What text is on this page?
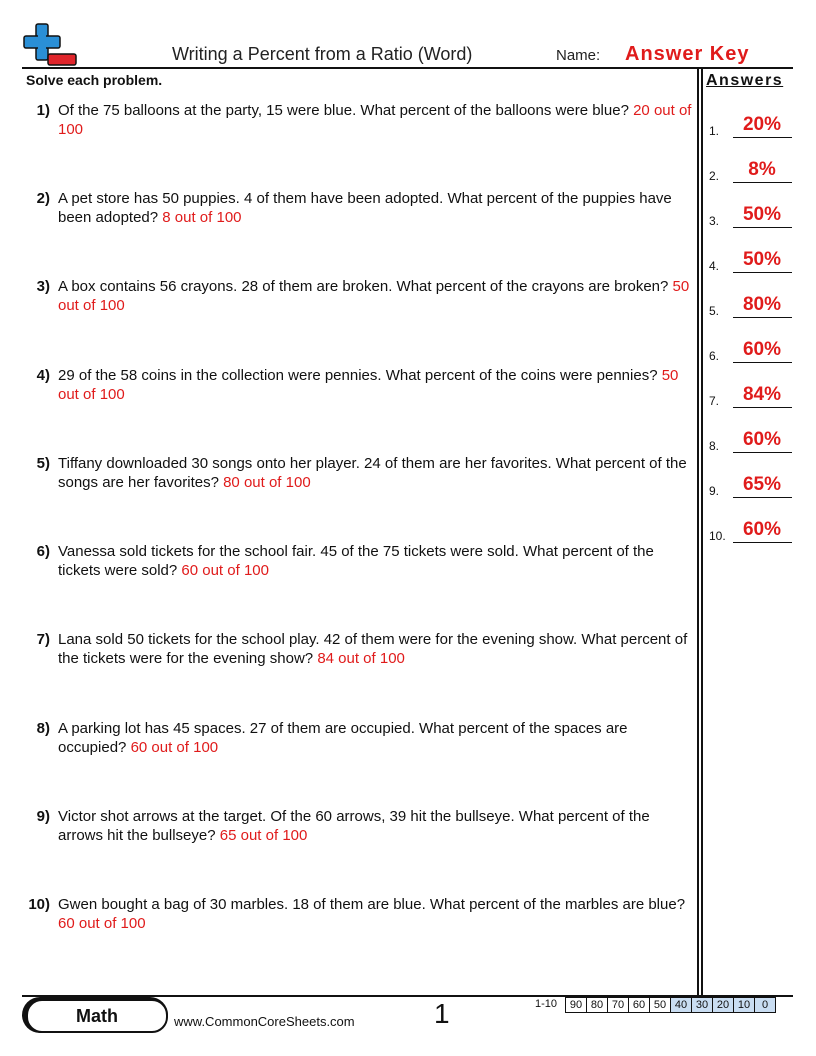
Writing a Percent from a Ratio (Word)	Name: Answer Key
Solve each problem.	Answers
1) Of the 75 balloons at the party, 15 were blue. What percent of the balloons were blue? 20 out of 100
2) A pet store has 50 puppies. 4 of them have been adopted. What percent of the puppies have been adopted? 8 out of 100
3) A box contains 56 crayons. 28 of them are broken. What percent of the crayons are broken? 50 out of 100
4) 29 of the 58 coins in the collection were pennies. What percent of the coins were pennies? 50 out of 100
5) Tiffany downloaded 30 songs onto her player. 24 of them are her favorites. What percent of the songs are her favorites? 80 out of 100
6) Vanessa sold tickets for the school fair. 45 of the 75 tickets were sold. What percent of the tickets were sold? 60 out of 100
7) Lana sold 50 tickets for the school play. 42 of them were for the evening show. What percent of the tickets were for the evening show? 84 out of 100
8) A parking lot has 45 spaces. 27 of them are occupied. What percent of the spaces are occupied? 60 out of 100
9) Victor shot arrows at the target. Of the 60 arrows, 39 hit the bullseye. What percent of the arrows hit the bullseye? 65 out of 100
10) Gwen bought a bag of 30 marbles. 18 of them are blue. What percent of the marbles are blue? 60 out of 100
1.	20%
2.	8%
3.	50%
4.	50%
5.	80%
6.	60%
7.	84%
8.	60%
9.	65%
10. 60%
Math	www.CommonCoreSheets.com	1	1-10 90	80	70	60	50	40	30	20	10	0
